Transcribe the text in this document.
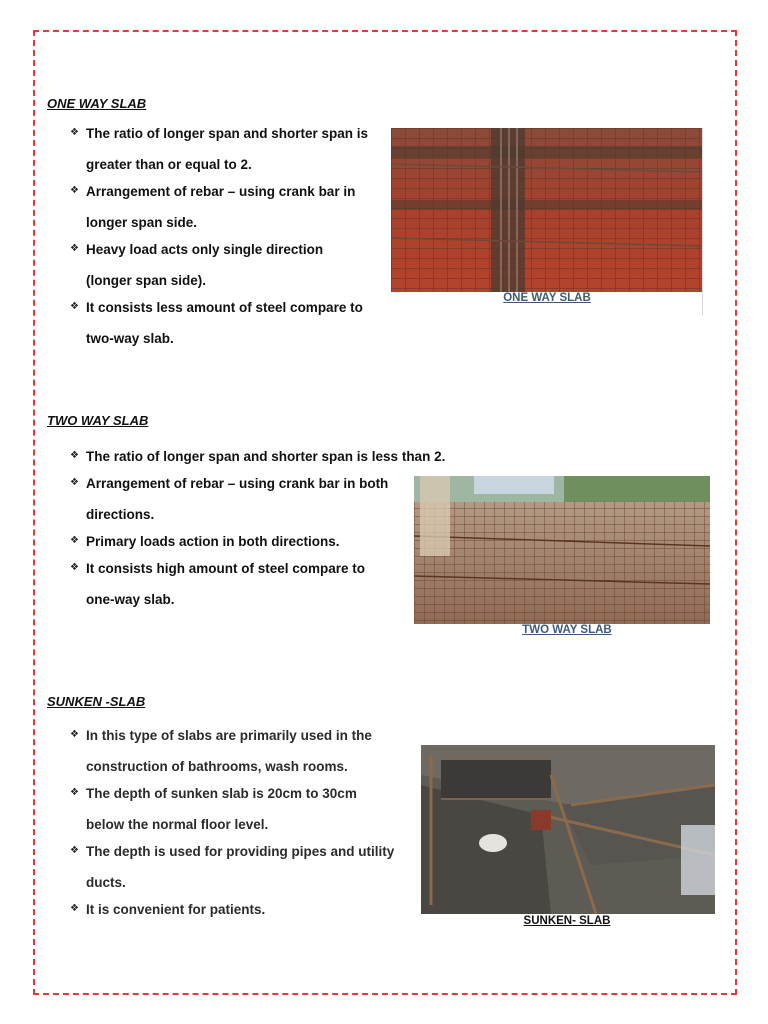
ONE WAY SLAB
❖ The ratio of longer span and shorter span is greater than or equal to 2.
❖ Arrangement of rebar – using crank bar in longer span side.
❖ Heavy load acts only single direction (longer span side).
❖ It consists less amount of steel compare to two-way slab.
ONE WAY SLAB
TWO WAY SLAB
❖ The ratio of longer span and shorter span is less than 2.
❖ Arrangement of rebar – using crank bar in both directions.
❖ Primary loads action in both directions.
❖ It consists high amount of steel compare to one-way slab.
TWO WAY SLAB
SUNKEN -SLAB
❖ In this type of slabs are primarily used in the construction of bathrooms, wash rooms.
❖ The depth of sunken slab is 20cm to 30cm below the normal floor level.
❖ The depth is used for providing pipes and utility ducts.
❖ It is convenient for patients.
SUNKEN- SLAB
